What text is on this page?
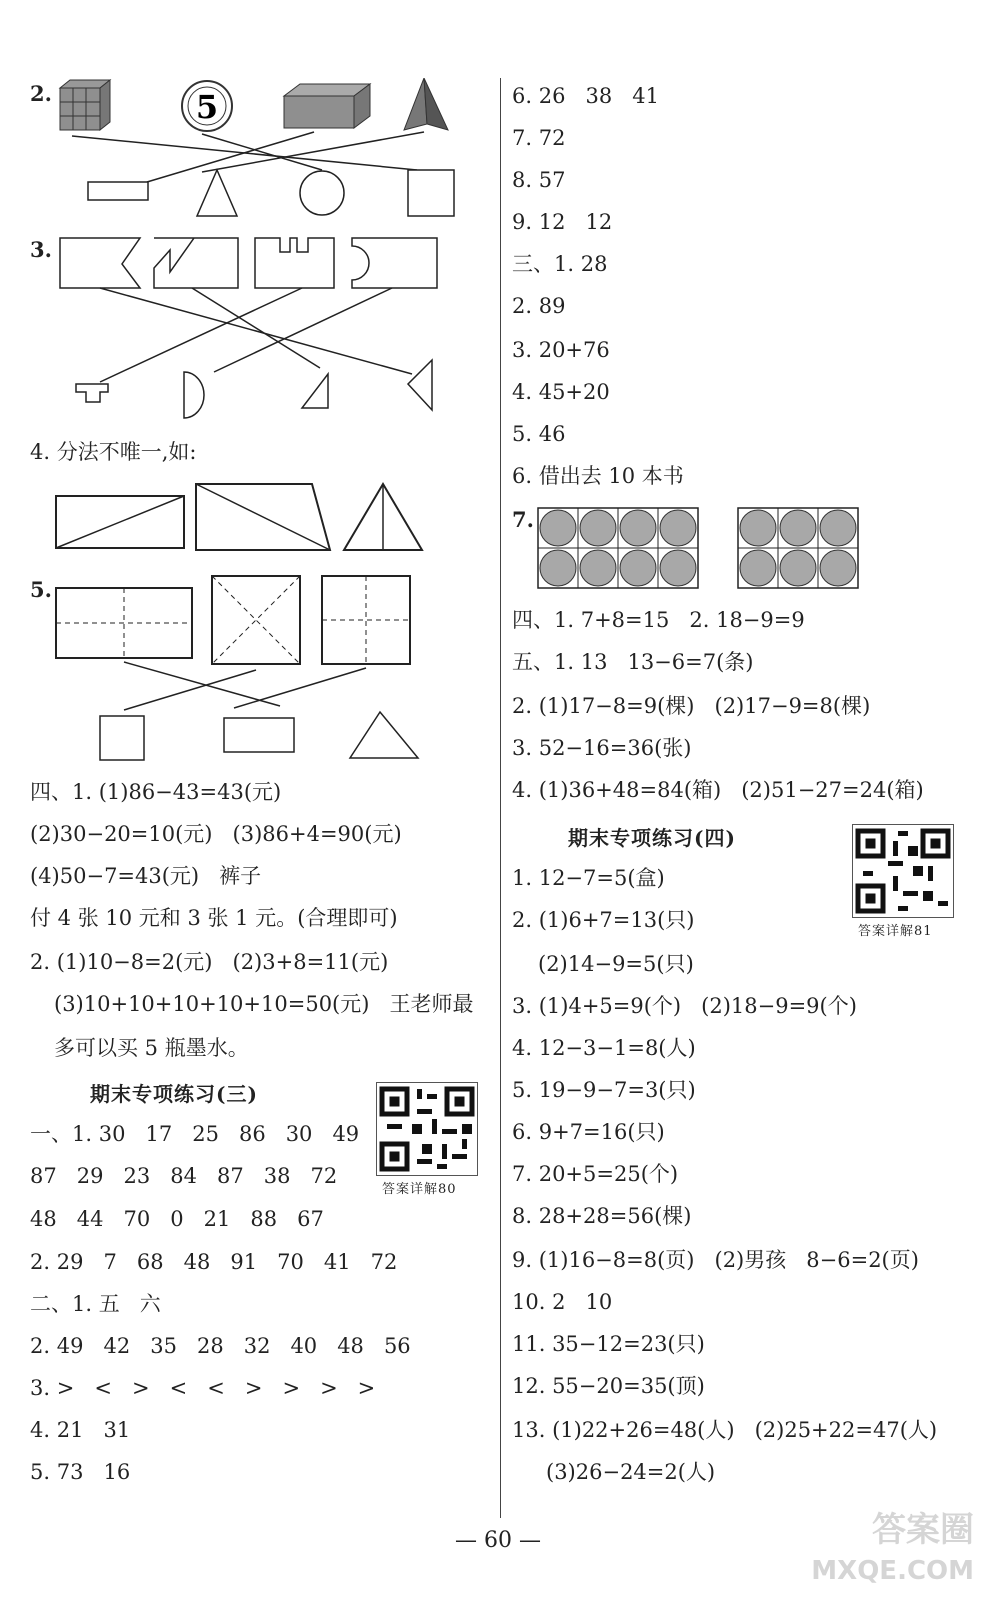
2.	5
3.
4. 分法不唯一,如:
5.
四、1. (1)86−43=43(元)
(2)30−20=10(元)   (3)86+4=90(元)
(4)50−7=43(元)   裤子
付 4 张 10 元和 3 张 1 元。(合理即可)
2. (1)10−8=2(元)   (2)3+8=11(元)
(3)10+10+10+10+10=50(元)   王老师最
多可以买 5 瓶墨水。
期末专项练习(三)
答案详解80
一、1. 30   17   25   86   30   49
87   29   23   84   87   38   72
48   44   70   0   21   88   67
2. 29   7   68   48   91   70   41   72
二、1. 五   六
2. 49   42   35   28   32   40   48   56
3. >   <   >   <   <   >   >   >   >
4. 21   31
5. 73   16
6. 26   38   41
7. 72
8. 57
9. 12   12
三、1. 28
2. 89
3. 20+76
4. 45+20
5. 46
6. 借出去 10 本书
7.
四、1. 7+8=15   2. 18−9=9
五、1. 13   13−6=7(条)
2. (1)17−8=9(棵)   (2)17−9=8(棵)
3. 52−16=36(张)
4. (1)36+48=84(箱)   (2)51−27=24(箱)
期末专项练习(四)
答案详解81
1. 12−7=5(盒)
2. (1)6+7=13(只)
(2)14−9=5(只)
3. (1)4+5=9(个)   (2)18−9=9(个)
4. 12−3−1=8(人)
5. 19−9−7=3(只)
6. 9+7=16(只)
7. 20+5=25(个)
8. 28+28=56(棵)
9. (1)16−8=8(页)   (2)男孩   8−6=2(页)
10. 2   10
11. 35−12=23(只)
12. 55−20=35(顶)
13. (1)22+26=48(人)   (2)25+22=47(人)
(3)26−24=2(人)
— 60 —	答案圈
MXQE.COM
